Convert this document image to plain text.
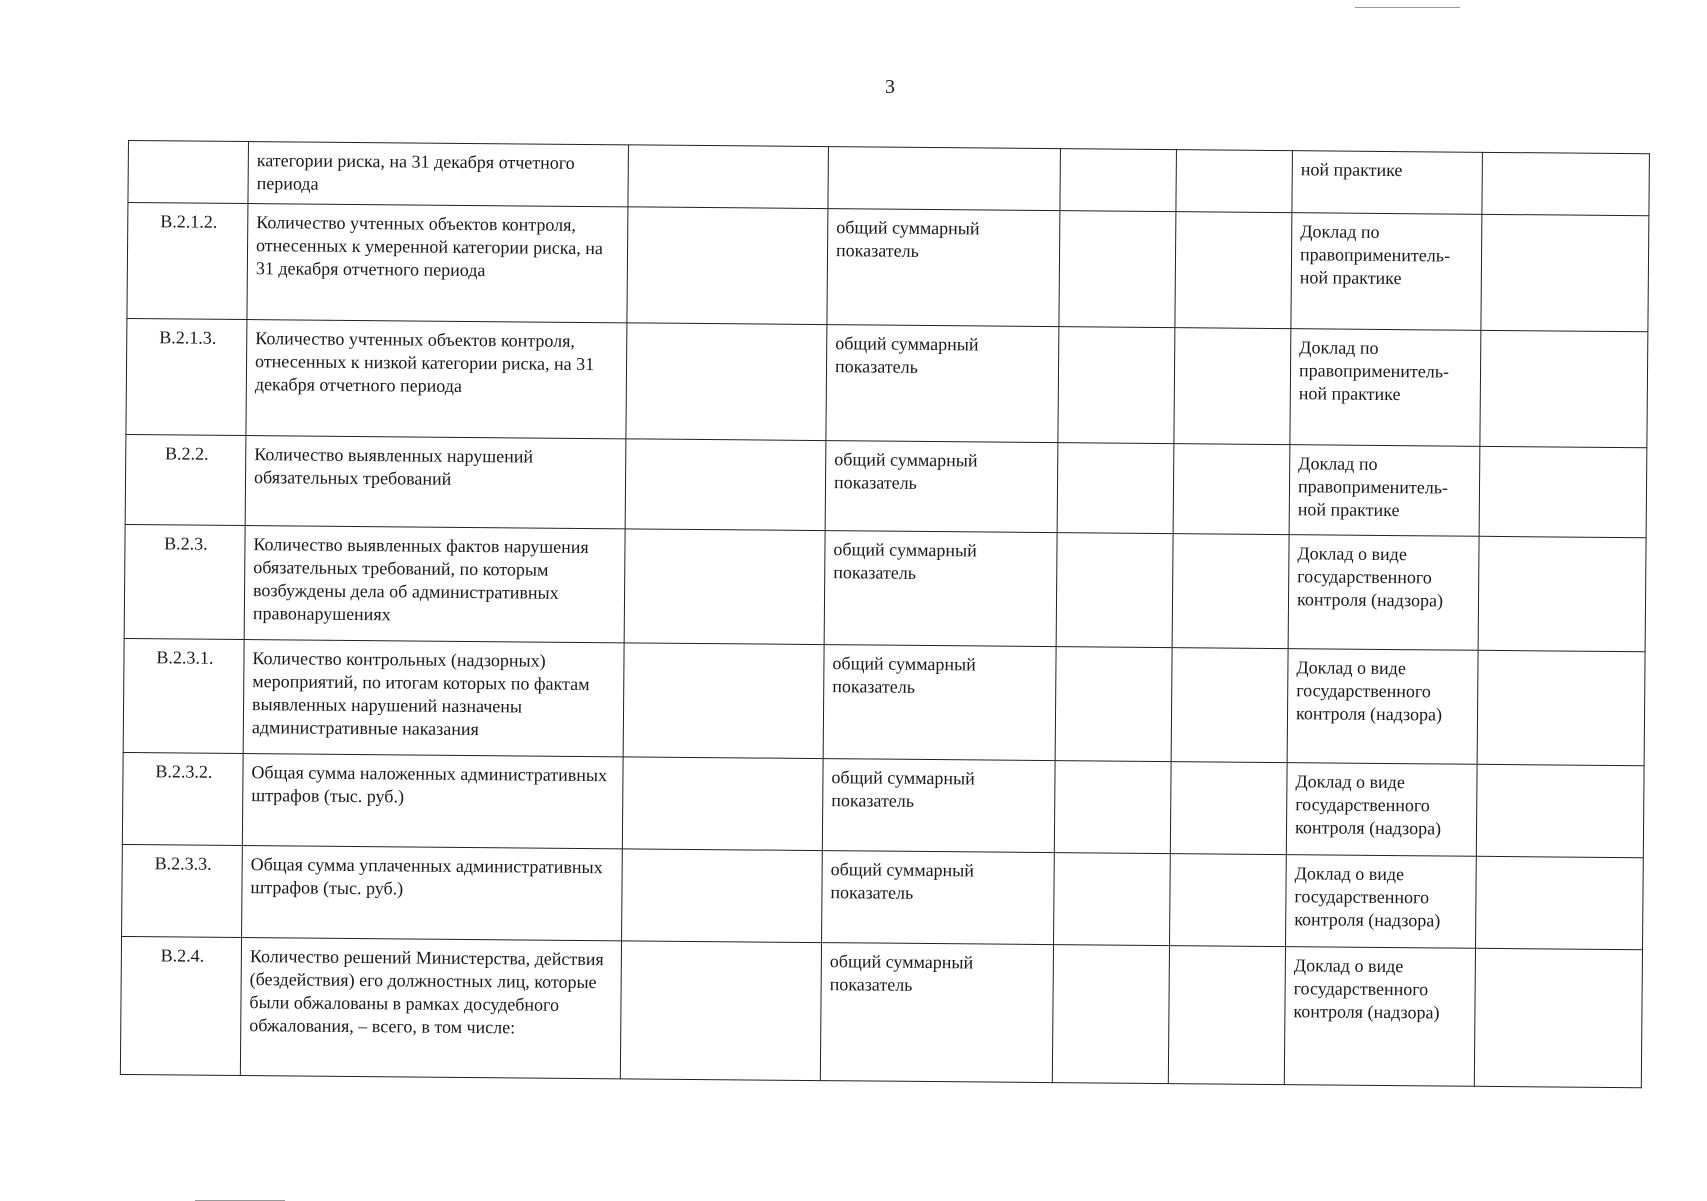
3
	категории риска, на 31 декабря отчетного периода					ной практике	
В.2.1.2.	Количество учтенных объектов контроля, отнесенных к умеренной категории риска, на 31 декабря отчетного периода		общий суммарный показатель			Доклад по правоприменитель-ной практике	
В.2.1.3.	Количество учтенных объектов контроля, отнесенных к низкой категории риска, на 31 декабря отчетного периода		общий суммарный показатель			Доклад по правоприменитель-ной практике	
В.2.2.	Количество выявленных нарушений обязательных требований		общий суммарный показатель			Доклад по правоприменитель-ной практике	
В.2.3.	Количество выявленных фактов нарушения обязательных требований, по которым возбуждены дела об административных правонарушениях		общий суммарный показатель			Доклад о виде государственного контроля (надзора)	
В.2.3.1.	Количество контрольных (надзорных) мероприятий, по итогам которых по фактам выявленных нарушений назначены административные наказания		общий суммарный показатель			Доклад о виде государственного контроля (надзора)	
В.2.3.2.	Общая сумма наложенных административных штрафов (тыс. руб.)		общий суммарный показатель			Доклад о виде государственного контроля (надзора)	
В.2.3.3.	Общая сумма уплаченных административных штрафов (тыс. руб.)		общий суммарный показатель			Доклад о виде государственного контроля (надзора)	
В.2.4.	Количество решений Министерства, действия (бездействия) его должностных лиц, которые были обжалованы в рамках досудебного обжалования, – всего, в том числе:		общий суммарный показатель			Доклад о виде государственного контроля (надзора)	
